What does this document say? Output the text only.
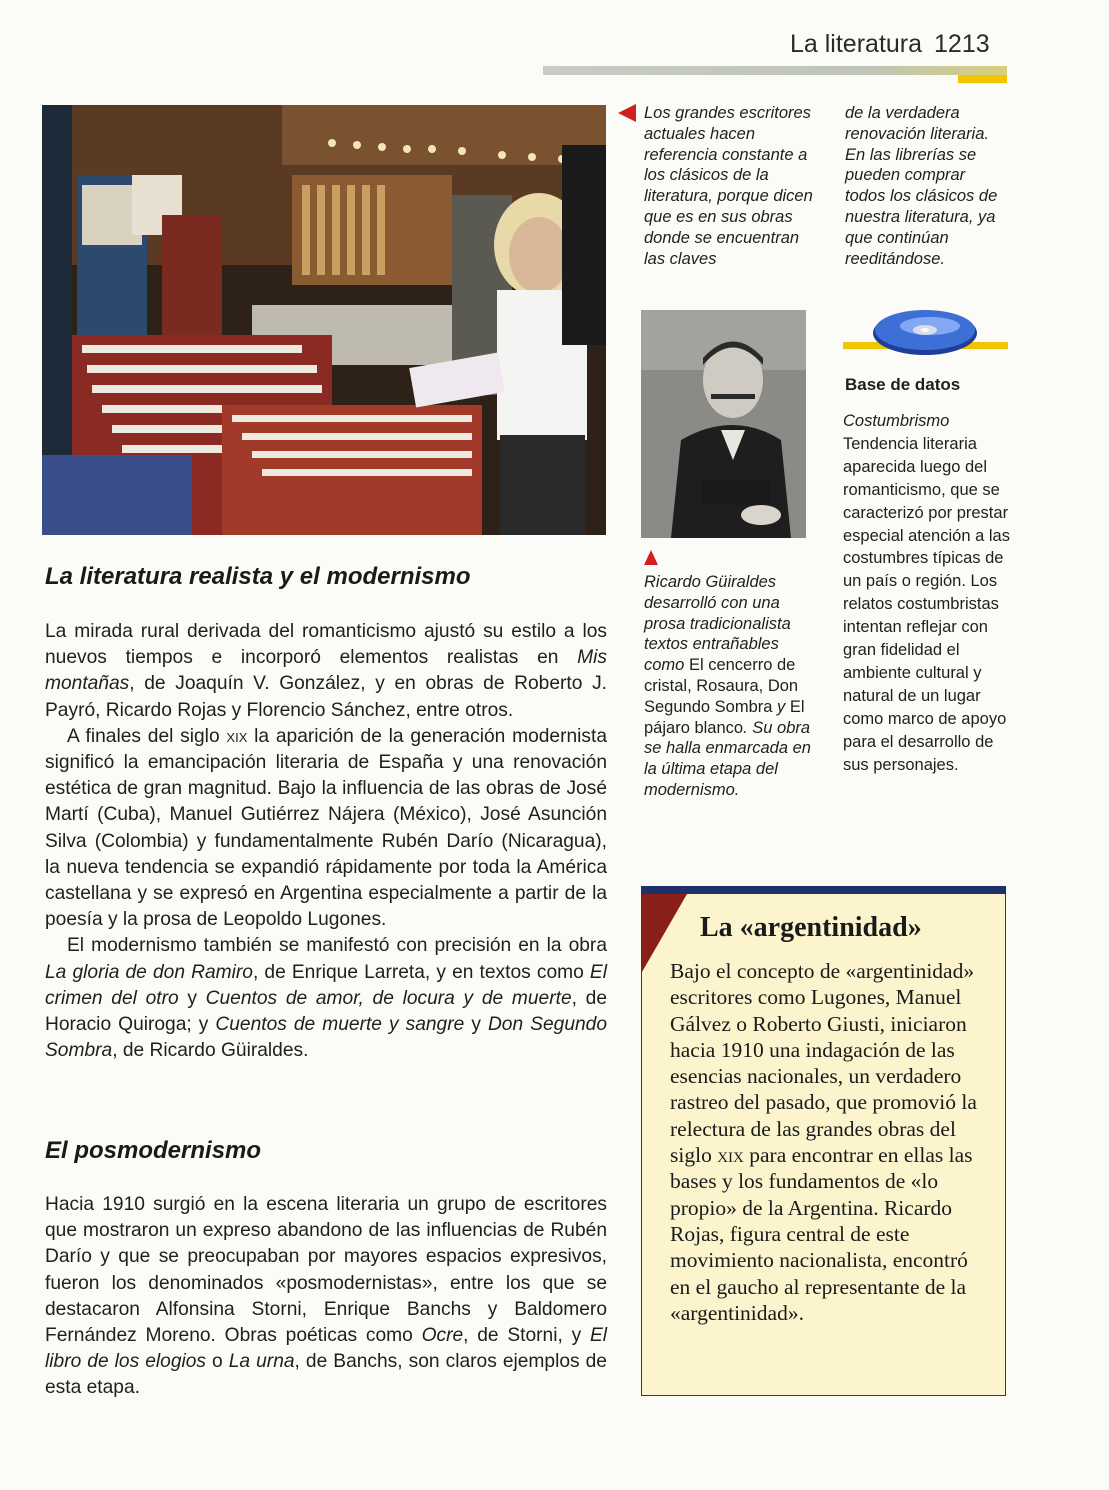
La literatura 1213
Los grandes escritores actuales hacen referencia constante a los clásicos de la literatura, porque dicen que es en sus obras donde se encuentran las claves
de la verdadera renovación literaria. En las librerías se pueden comprar todos los clásicos de nuestra literatura, ya que continúan reeditándose.
Ricardo Güiraldes desarrolló con una prosa tradicionalista textos entrañables como El cencerro de cristal, Rosaura, Don Segundo Sombra y El pájaro blanco. Su obra se halla enmarcada en la última etapa del modernismo.
Base de datos
Costumbrismo
Tendencia literaria aparecida luego del romanticismo, que se caracterizó por prestar especial atención a las costumbres típicas de un país o región. Los relatos costumbristas intentan reflejar con gran fidelidad el ambiente cultural y natural de un lugar como marco de apoyo para el desarrollo de sus personajes.
La literatura realista y el modernismo

La mirada rural derivada del romanticismo ajustó su estilo a los nuevos tiempos e incorporó elementos realistas en Mis montañas, de Joaquín V. González, y en obras de Roberto J. Payró, Ricardo Rojas y Florencio Sánchez, entre otros.

A finales del siglo xix la aparición de la generación modernista significó la emancipación literaria de España y una renovación estética de gran magnitud. Bajo la influencia de las obras de José Martí (Cuba), Manuel Gutiérrez Nájera (México), José Asunción Silva (Colombia) y fundamentalmente Rubén Darío (Nicaragua), la nueva tendencia se expandió rápidamente por toda la América castellana y se expresó en Argentina especialmente a partir de la poesía y la prosa de Leopoldo Lugones.

El modernismo también se manifestó con precisión en la obra La gloria de don Ramiro, de Enrique Larreta, y en textos como El crimen del otro y Cuentos de amor, de locura y de muerte, de Horacio Quiroga; y Cuentos de muerte y sangre y Don Segundo Sombra, de Ricardo Güiraldes.

El posmodernismo

Hacia 1910 surgió en la escena literaria un grupo de escritores que mostraron un expreso abandono de las influencias de Rubén Darío y que se preocupaban por mayores espacios expresivos, fueron los denominados «posmodernistas», entre los que se destacaron Alfonsina Storni, Enrique Banchs y Baldomero Fernández Moreno. Obras poéticas como Ocre, de Storni, y El libro de los elogios o La urna, de Banchs, son claros ejemplos de esta etapa.

La «argentinidad»
Bajo el concepto de «argentinidad» escritores como Lugones, Manuel Gálvez o Roberto Giusti, iniciaron hacia 1910 una indagación de las esencias nacionales, un verdadero rastreo del pasado, que promovió la relectura de las grandes obras del siglo xix para encontrar en ellas las bases y los fundamentos de «lo propio» de la Argentina. Ricardo Rojas, figura central de este movimiento nacionalista, encontró en el gaucho al representante de la «argentinidad».
